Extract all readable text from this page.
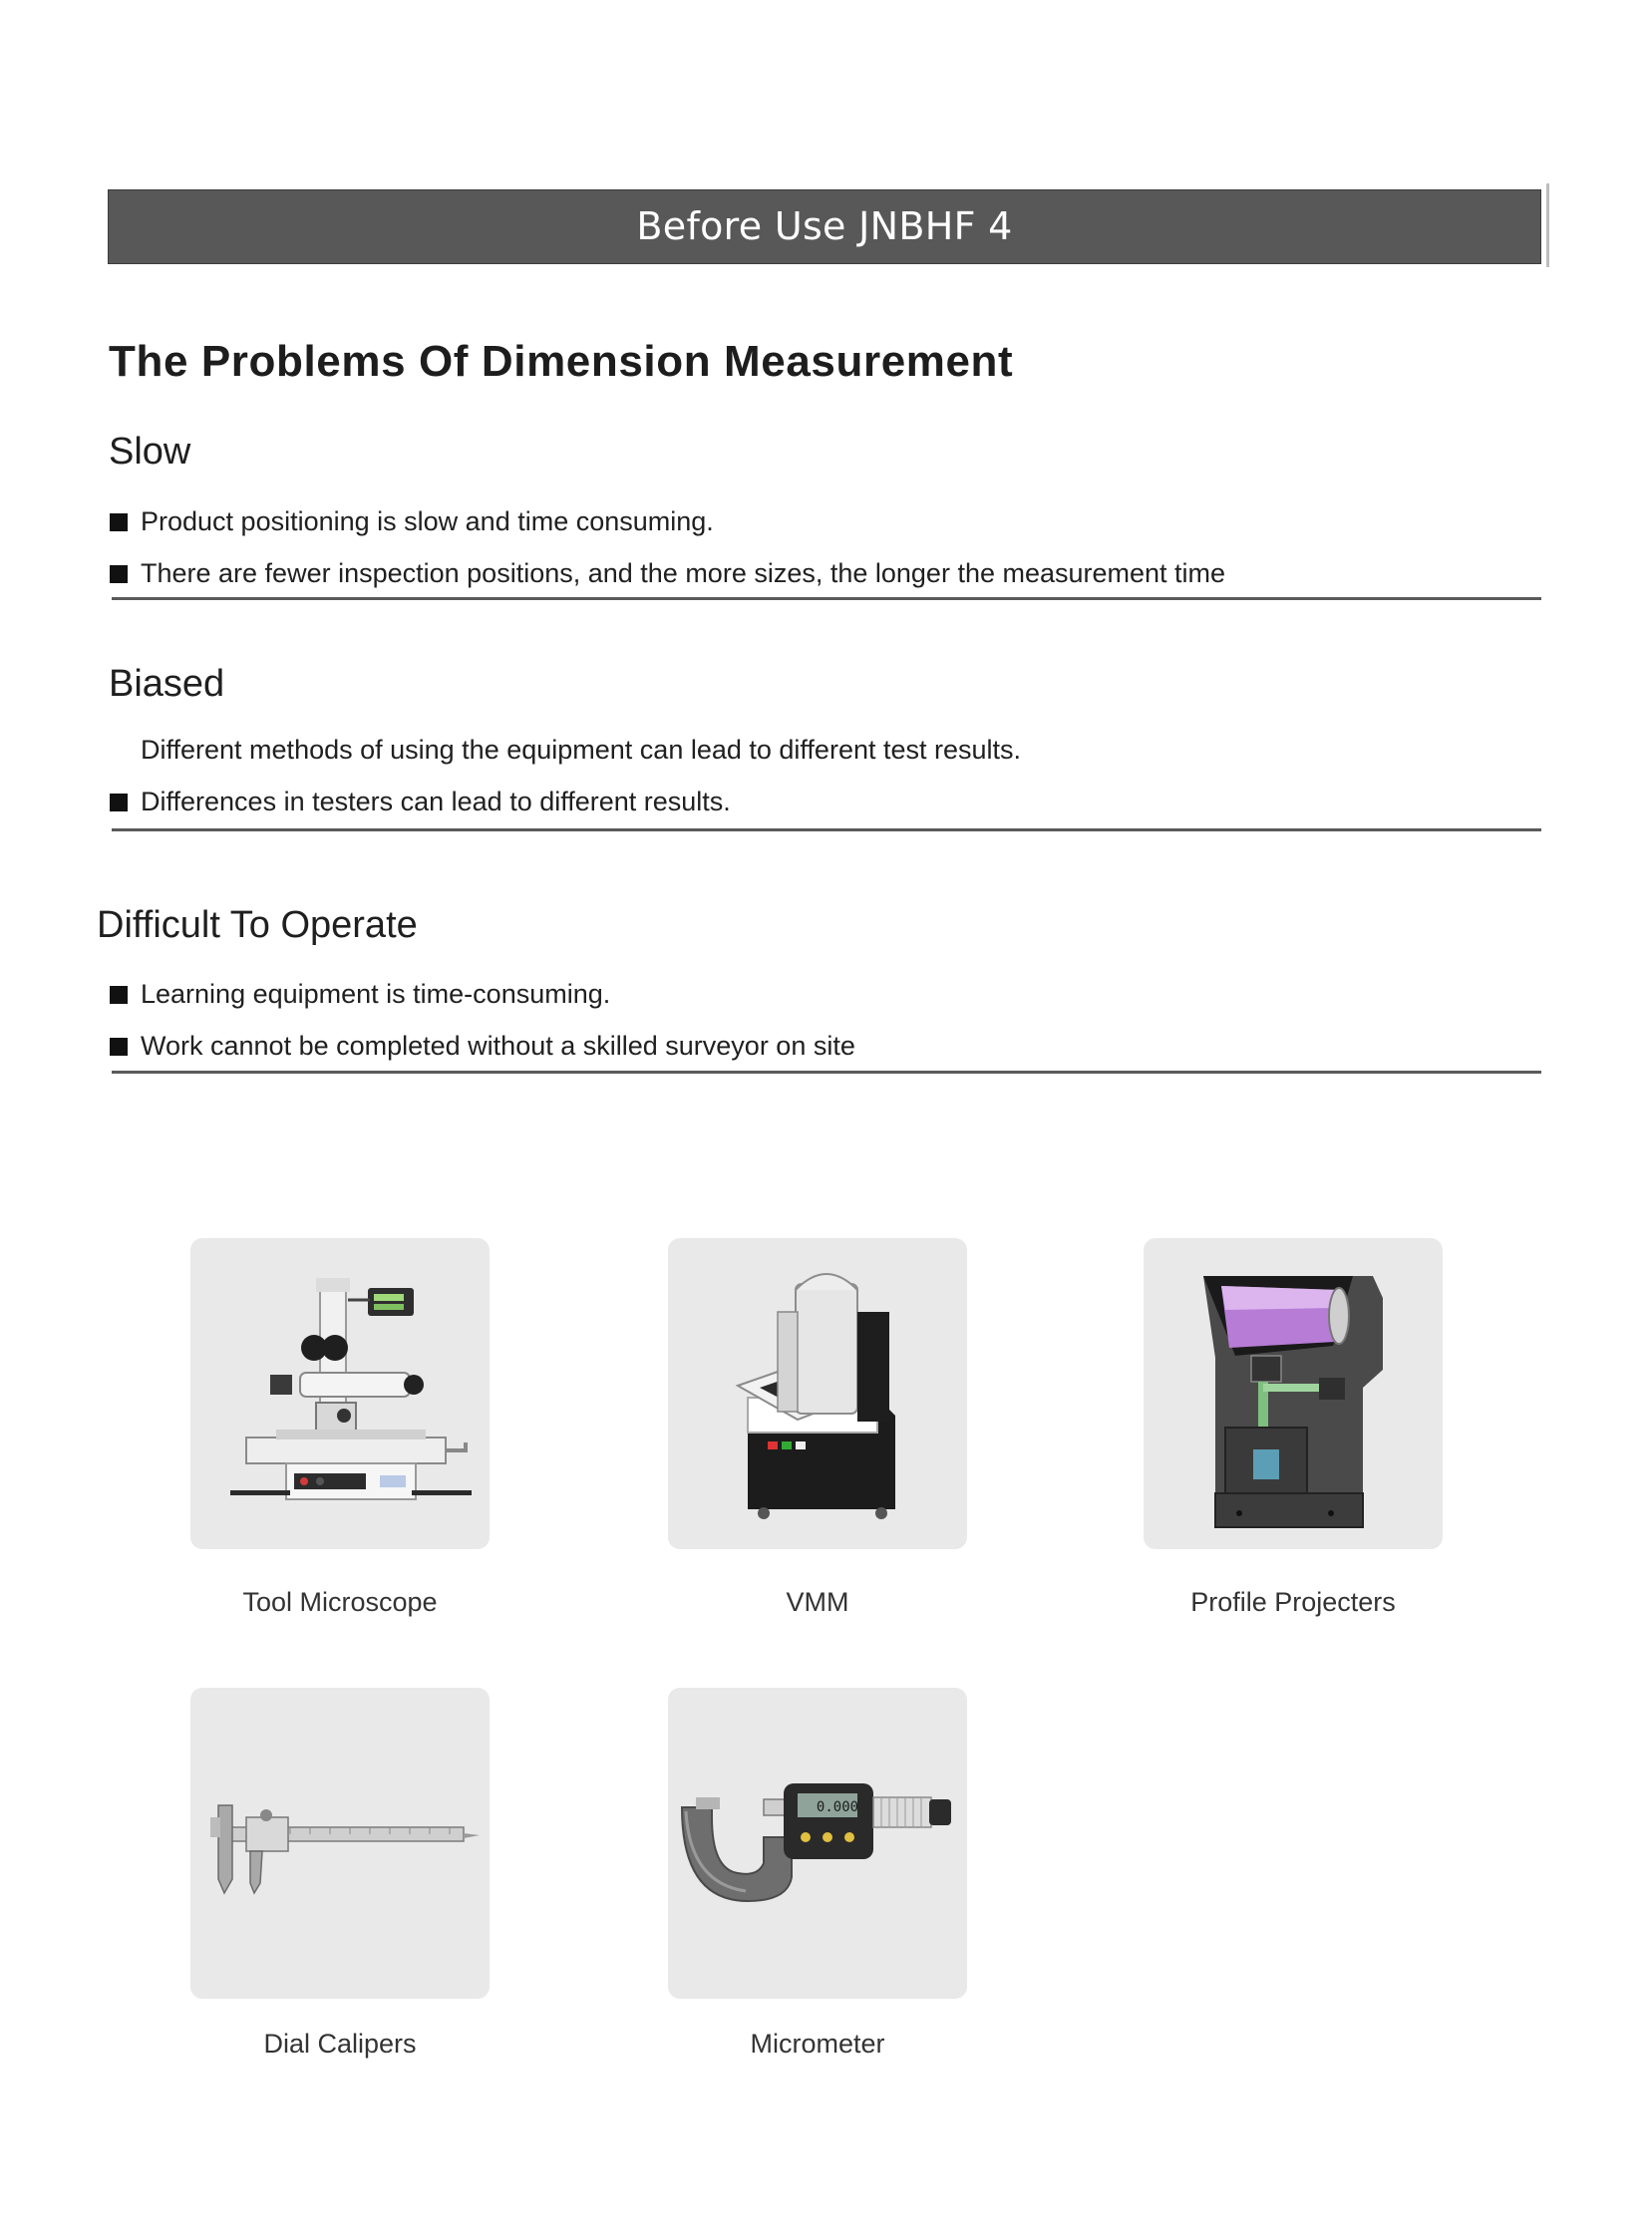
Before Use JNBHF 4
The Problems Of Dimension Measurement
Slow
Product positioning is slow and time consuming.
There are fewer inspection positions, and the more sizes, the longer the measurement time
Biased
Different methods of using the equipment can lead to different test results.
Differences in testers can lead to different results.
Difficult To Operate
Learning equipment is time-consuming.
Work cannot be completed without a skilled surveyor on site
Tool Microscope	VMM	Profile Projecters
Dial Calipers
0.000
Micrometer
